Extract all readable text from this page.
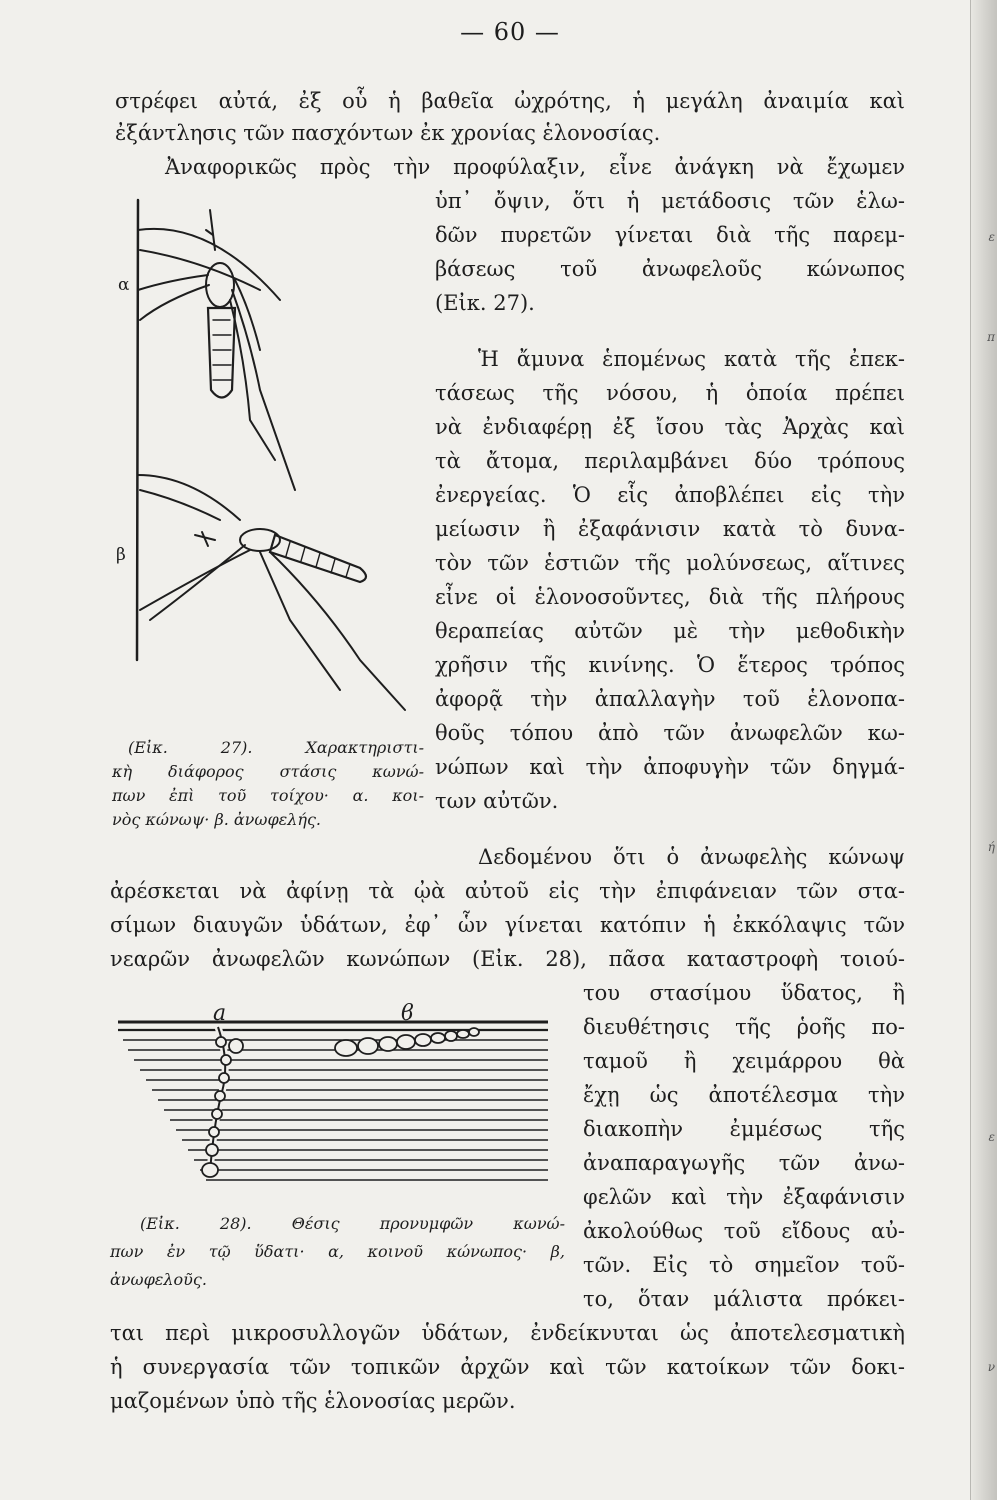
ε
π
ή
ε
ν
— 60 —
στρέφει αὐτά, ἐξ οὗ ἡ βαθεῖα ὠχρότης, ἡ μεγάλη ἀναιμία καὶ
ἐξάντλησις τῶν πασχόντων ἐκ χρονίας ἑλονοσίας.
Ἀναφορικῶς πρὸς τὴν προφύλαξιν, εἶνε ἀνάγκη νὰ ἔχωμεν
ὑπ᾽ ὄψιν, ὅτι ἡ μετάδοσις τῶν ἑλω-
δῶν πυρετῶν γίνεται διὰ τῆς παρεμ-
βάσεως τοῦ ἀνωφελοῦς κώνωπος
(Εἰκ. 27).
Ἡ ἄμυνα ἑπομένως κατὰ τῆς ἐπεκ-
τάσεως τῆς νόσου, ἡ ὁποία πρέπει
νὰ ἐνδιαφέρῃ ἐξ ἴσου τὰς Ἀρχὰς καὶ
τὰ ἄτομα, περιλαμβάνει δύο τρόπους
ἐνεργείας. Ὁ εἷς ἀποβλέπει εἰς τὴν
μείωσιν ἢ ἐξαφάνισιν κατὰ τὸ δυνα-
τὸν τῶν ἑστιῶν τῆς μολύνσεως, αἵτινες
εἶνε οἱ ἑλονοσοῦντες, διὰ τῆς πλήρους
θεραπείας αὐτῶν μὲ τὴν μεθοδικὴν
χρῆσιν τῆς κινίνης. Ὁ ἕτερος τρόπος
ἀφορᾷ τὴν ἀπαλλαγὴν τοῦ ἑλονοπα-
θοῦς τόπου ἀπὸ τῶν ἀνωφελῶν κω-
νώπων καὶ τὴν ἀποφυγὴν τῶν δηγμά-
των αὐτῶν.
α
β
(Εἰκ. 27). Χαρακτηριστι-
κὴ διάφορος στάσις κωνώ-
πων ἐπὶ τοῦ τοίχου· α. κοι-
νὸς κώνωψ· β. ἀνωφελής.
Δεδομένου ὅτι ὁ ἀνωφελὴς κώνωψ
ἀρέσκεται νὰ ἀφίνῃ τὰ ᾠὰ αὐτοῦ εἰς τὴν ἐπιφάνειαν τῶν στα-
σίμων διαυγῶν ὑδάτων, ἐφ᾽ ὧν γίνεται κατόπιν ἡ ἐκκόλαψις τῶν
νεαρῶν ἀνωφελῶν κωνώπων (Εἰκ. 28), πᾶσα καταστροφὴ τοιού-
a	ϐ
του στασίμου ὕδατος, ἢ
διευθέτησις τῆς ῥοῆς πο-
ταμοῦ ἢ χειμάρρου θὰ
ἔχῃ ὡς ἀποτέλεσμα τὴν
διακοπὴν ἐμμέσως τῆς
ἀναπαραγωγῆς τῶν ἀνω-
φελῶν καὶ τὴν ἐξαφάνισιν
ἀκολούθως τοῦ εἴδους αὐ-
τῶν. Εἰς τὸ σημεῖον τοῦ-
το, ὅταν μάλιστα πρόκει-
(Εἰκ. 28). Θέσις προνυμφῶν κωνώ-
πων ἐν τῷ ὕδατι· α, κοινοῦ κώνωπος· β,
ἀνωφελοῦς.
ται περὶ μικροσυλλογῶν ὑδάτων, ἐνδείκνυται ὡς ἀποτελεσματικὴ
ἡ συνεργασία τῶν τοπικῶν ἀρχῶν καὶ τῶν κατοίκων τῶν δοκι-
μαζομένων ὑπὸ τῆς ἑλονοσίας μερῶν.
